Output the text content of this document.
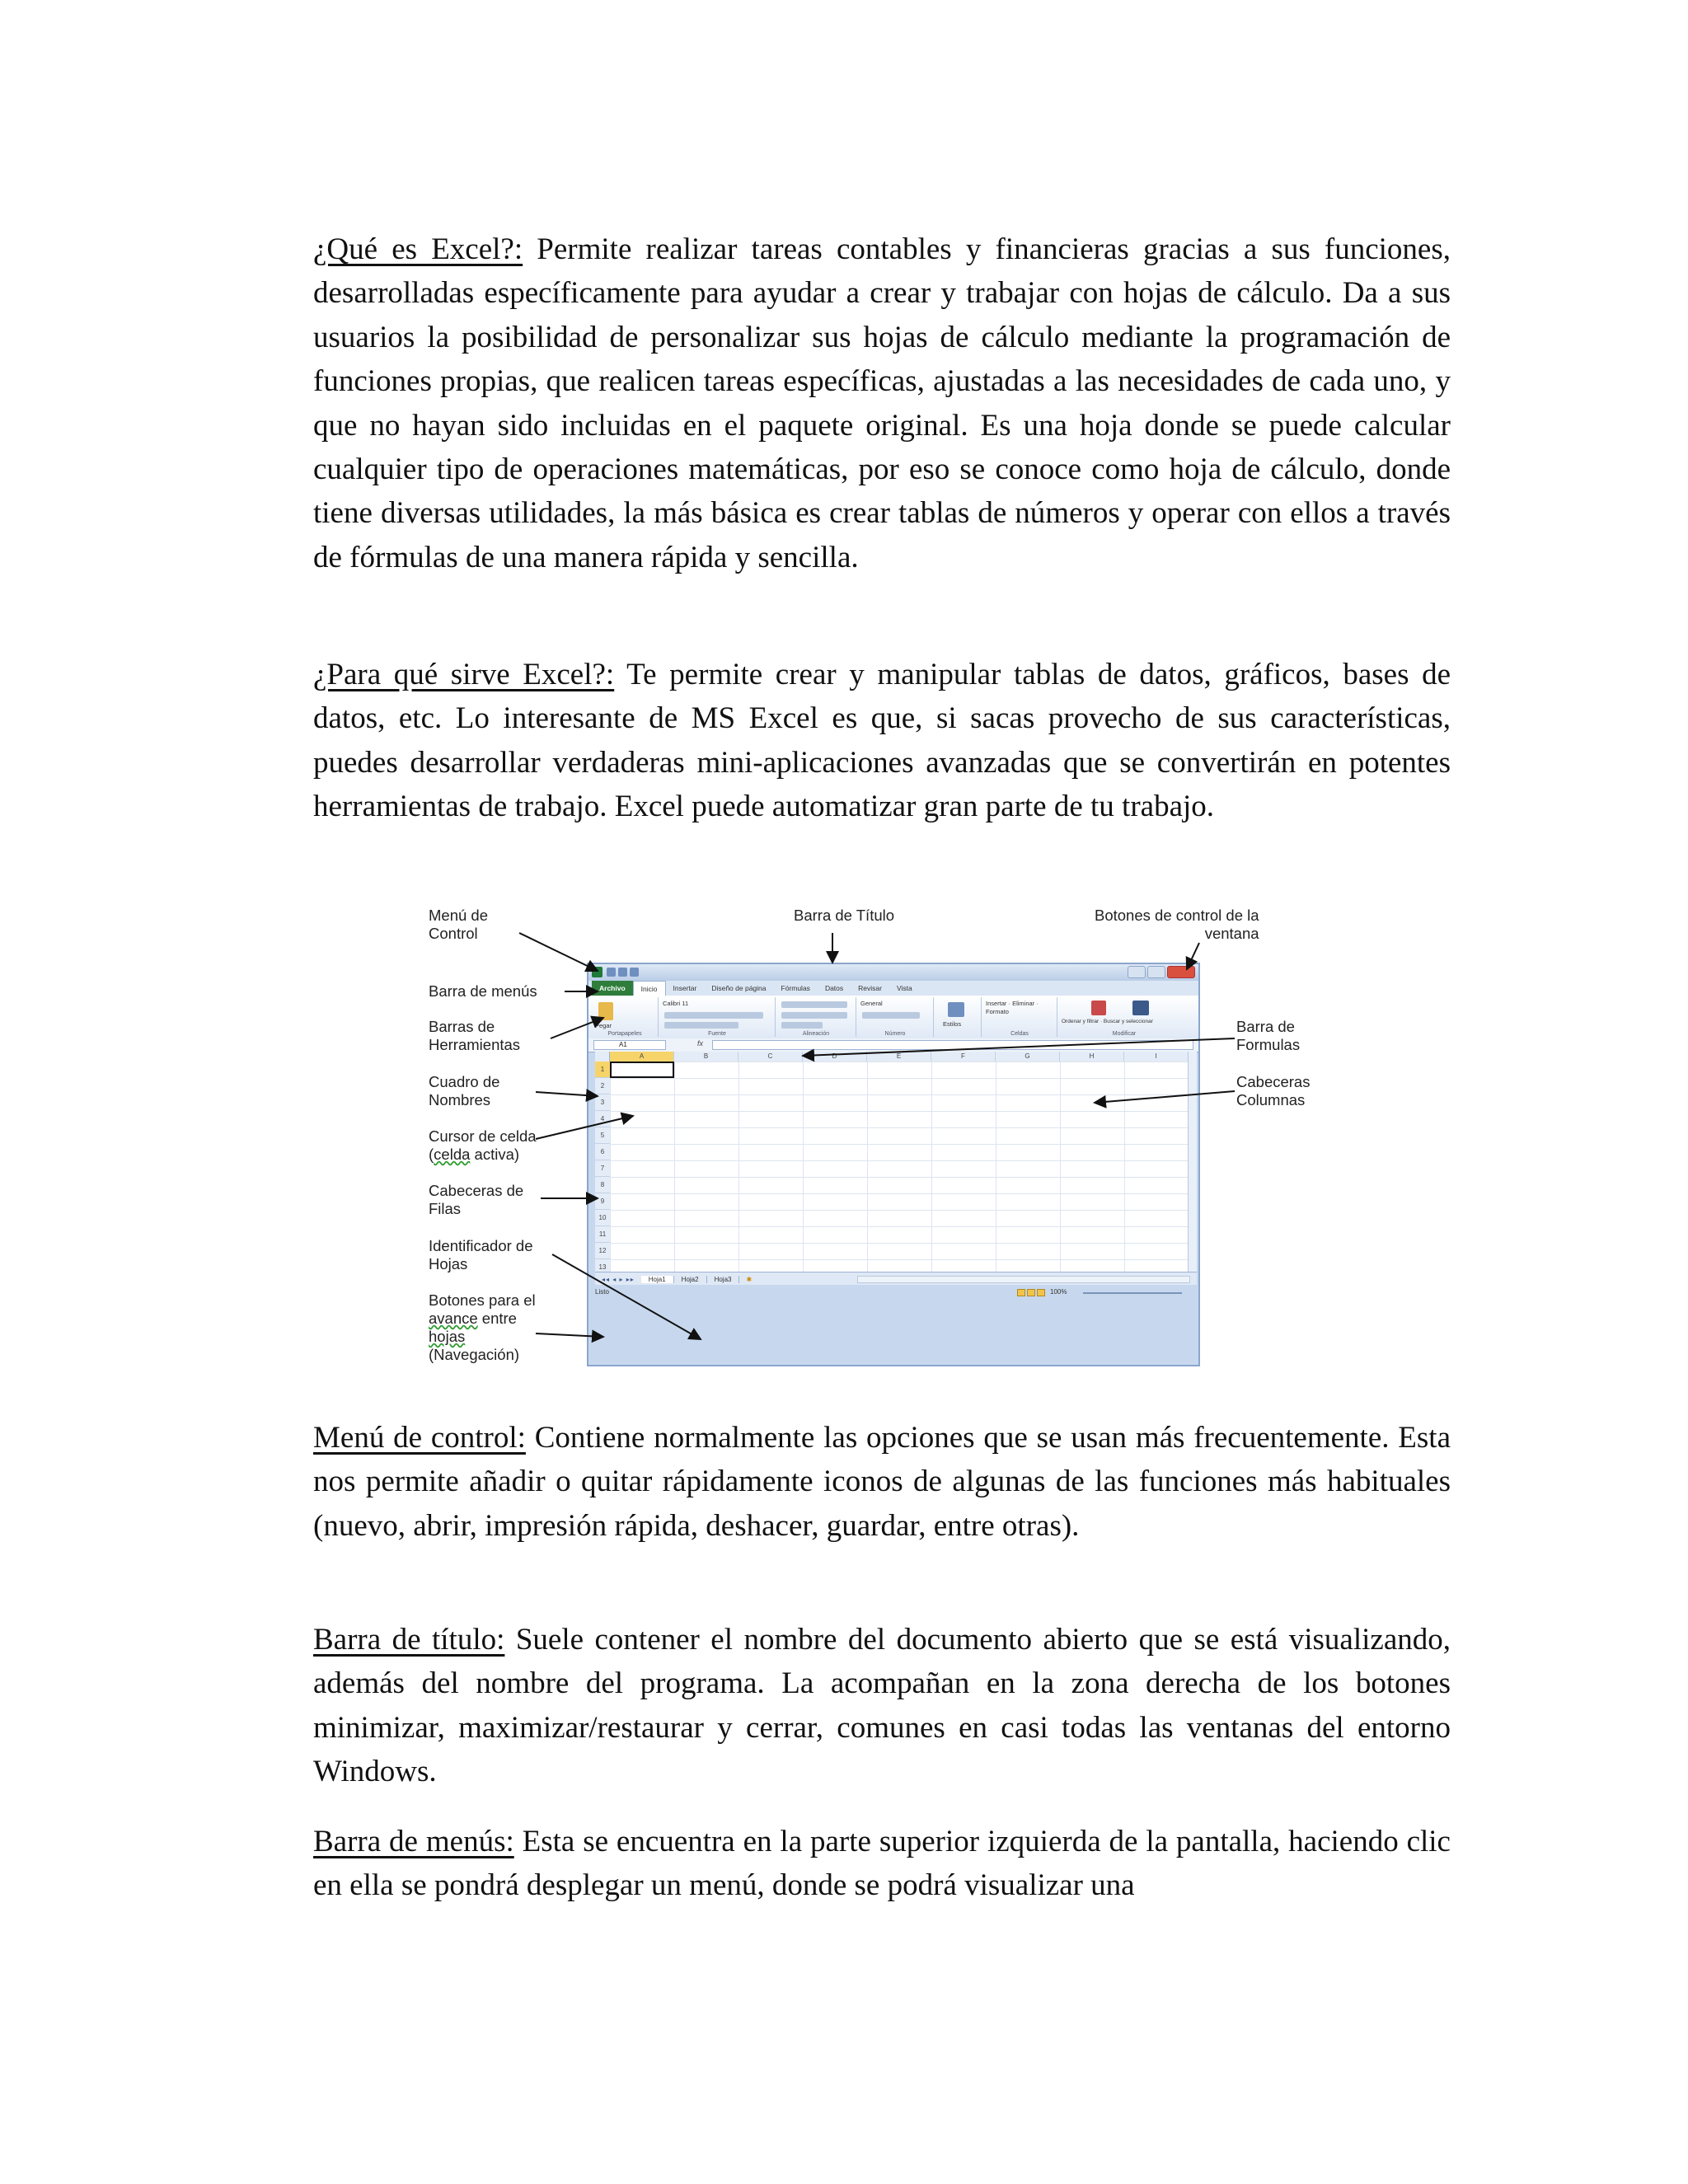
¿Qué es Excel?: Permite realizar tareas contables y financieras gracias a sus funciones, desarrolladas específicamente para ayudar a crear y trabajar con hojas de cálculo. Da a sus usuarios la posibilidad de personalizar sus hojas de cálculo mediante la programación de funciones propias, que realicen tareas específicas, ajustadas a las necesidades de cada uno, y que no hayan sido incluidas en el paquete original. Es una hoja donde se puede calcular cualquier tipo de operaciones matemáticas, por eso se conoce como hoja de cálculo, donde tiene diversas utilidades, la más básica es crear tablas de números y operar con ellos a través de fórmulas de una manera rápida y sencilla.

¿Para qué sirve Excel?: Te permite crear y manipular tablas de datos, gráficos, bases de datos, etc. Lo interesante de MS Excel es que, si sacas provecho de sus características, puedes desarrollar verdaderas mini-aplicaciones avanzadas que se convertirán en potentes herramientas de trabajo. Excel puede automatizar gran parte de tu trabajo.

Menú de
Control
Barra de Título	Botones de control de la
ventana
Barra de menús
Barras de
Herramientas
Barra de
Formulas
Cuadro de
Nombres
Cabeceras
Columnas
Cursor de celda
(celda activa)
Cabeceras de
Filas
Identificador de
Hojas
Botones para el
avance entre
hojas
(Navegación)
Archivo	Inicio	Insertar	Diseño de página	Fórmulas	Datos	Revisar	Vista
Pegar
Portapapeles
Calibri 11
Fuente	Alineación
General
Número
Estilos
Insertar · Eliminar · Formato
Celdas
Ordenar y filtrar · Buscar y seleccionar
Modificar
A1	fx
A	B	C	D	E	F	G	H	I
1
2
3
4
5
6
7
8
9
10
11
12
13
◂◂ ◂ ▸ ▸▸	Hoja1	Hoja2	Hoja3	✱
Listo	100%

Menú de control: Contiene normalmente las opciones que se usan más frecuentemente. Esta nos permite añadir o quitar rápidamente iconos de algunas de las funciones más habituales (nuevo, abrir, impresión rápida, deshacer, guardar, entre otras).

Barra de título: Suele contener el nombre del documento abierto que se está visualizando, además del nombre del programa. La acompañan en la zona derecha de los botones minimizar, maximizar/restaurar y cerrar, comunes en casi todas las ventanas del entorno Windows.

Barra de menús: Esta se encuentra en la parte superior izquierda de la pantalla, haciendo clic en ella se pondrá desplegar un menú, donde se podrá visualizar una
